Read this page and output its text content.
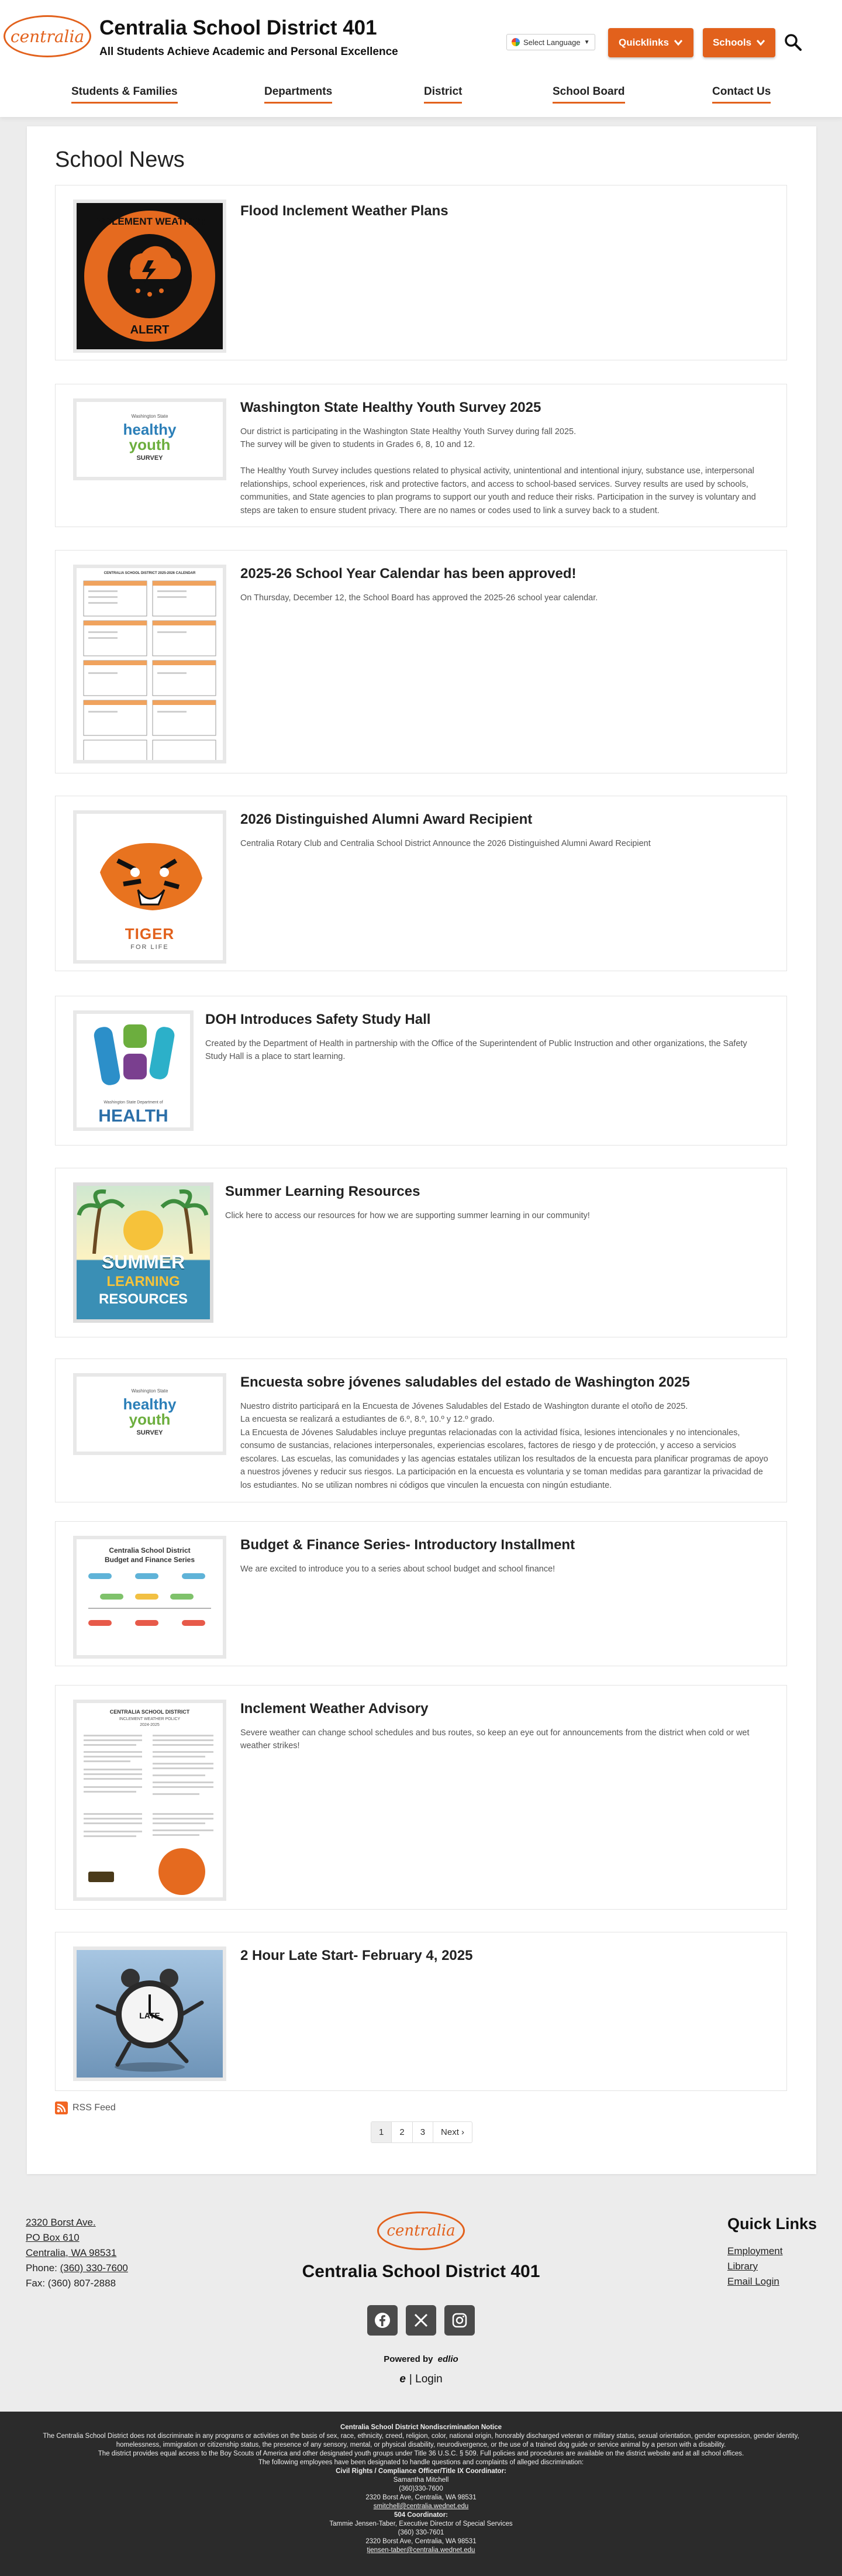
centralia Centralia School District 401
All Students Achieve Academic and Personal Excellence
Select Language ▼	Quicklinks	Schools
Students & Families	Departments	District	School Board	Contact Us
School News
INCLEMENT WEATHER
ALERT
Flood Inclement Weather Plans
Washington State
healthy
youth
SURVEY
Washington State Healthy Youth Survey 2025
Our district is participating in the Washington State Healthy Youth Survey during fall 2025.
The survey will be given to students in Grades 6, 8, 10 and 12.

The Healthy Youth Survey includes questions related to physical activity, unintentional and intentional injury, substance use, interpersonal relationships, school experiences, risk and protective factors, and access to school-based services. Survey results are used by schools, communities, and State agencies to plan programs to support our youth and reduce their risks. Participation in the survey is voluntary and steps are taken to ensure student privacy. There are no names or codes used to link a survey back to a student.
CENTRALIA SCHOOL DISTRICT 2025-2026 CALENDAR	2025-26 School Year Calendar has been approved!
On Thursday, December 12, the School Board has approved the 2025-26 school year calendar.
TIGER
FOR LIFE
2026 Distinguished Alumni Award Recipient
Centralia Rotary Club and Centralia School District Announce the 2026 Distinguished Alumni Award Recipient
Washington State Department of
HEALTH
DOH Introduces Safety Study Hall
Created by the Department of Health in partnership with the Office of the Superintendent of Public Instruction and other organizations, the Safety Study Hall is a place to start learning.
SUMMER
LEARNING
RESOURCES
Summer Learning Resources
Click here to access our resources for how we are supporting summer learning in our community!
Washington State
healthy
youth
SURVEY
Encuesta sobre jóvenes saludables del estado de Washington 2025
Nuestro distrito participará en la Encuesta de Jóvenes Saludables del Estado de Washington durante el otoño de 2025.
La encuesta se realizará a estudiantes de 6.º, 8.º, 10.º y 12.º grado.
La Encuesta de Jóvenes Saludables incluye preguntas relacionadas con la actividad física, lesiones intencionales y no intencionales, consumo de sustancias, relaciones interpersonales, experiencias escolares, factores de riesgo y de protección, y acceso a servicios escolares. Las escuelas, las comunidades y las agencias estatales utilizan los resultados de la encuesta para planificar programas de apoyo a nuestros jóvenes y reducir sus riesgos. La participación en la encuesta es voluntaria y se toman medidas para garantizar la privacidad de los estudiantes. No se utilizan nombres ni códigos que vinculen la encuesta con ningún estudiante.
Centralia School District
Budget and Finance Series
Budget & Finance Series- Introductory Installment
We are excited to introduce you to a series about school budget and school finance!
CENTRALIA SCHOOL DISTRICT
INCLEMENT WEATHER POLICY
2024-2025
Inclement Weather Advisory
Severe weather can change school schedules and bus routes, so keep an eye out for announcements from the district when cold or wet weather strikes!
LATE
2 Hour Late Start- February 4, 2025
RSS Feed
1	2	3	Next ›
2320 Borst Ave.
PO Box 610
Centralia, WA 98531
Phone: (360) 330-7600
Fax: (360) 807-2888
centralia
Centralia School District 401
Powered by edlio
e | Login
Quick Links
Employment
Library
Email Login
Centralia School District Nondiscrimination Notice
The Centralia School District does not discriminate in any programs or activities on the basis of sex, race, ethnicity, creed, religion, color, national origin, honorably discharged veteran or military status, sexual orientation, gender expression, gender identity, homelessness, immigration or citizenship status, the presence of any sensory, mental, or physical disability, neurodivergence, or the use of a trained dog guide or service animal by a person with a disability.
The district provides equal access to the Boy Scouts of America and other designated youth groups under Title 36 U.S.C. § 509. Full policies and procedures are available on the district website and at all school offices.
The following employees have been designated to handle questions and complaints of alleged discrimination:
Civil Rights / Compliance Officer/Title IX Coordinator:
Samantha Mitchell
(360)330-7600
2320 Borst Ave, Centralia, WA 98531
smitchell@centralia.wednet.edu
504 Coordinator:
Tammie Jensen-Taber, Executive Director of Special Services
(360) 330-7601
2320 Borst Ave, Centralia, WA 98531
tjensen-taber@centralia.wednet.edu
